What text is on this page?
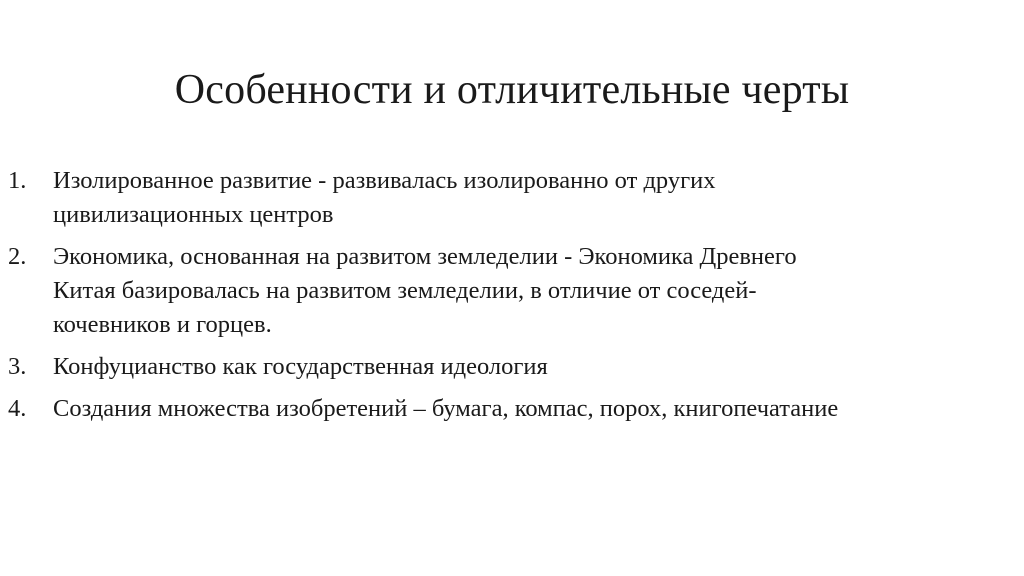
Особенности и отличительные черты
1.	Изолированное развитие - развивалась изолированно от других
цивилизационных центров
2.	Экономика, основанная на развитом земледелии - Экономика Древнего
Китая базировалась на развитом земледелии, в отличие от соседей-
кочевников и горцев.
3.	Конфуцианство как государственная идеология
4.	Создания множества изобретений – бумага, компас, порох, книгопечатание
